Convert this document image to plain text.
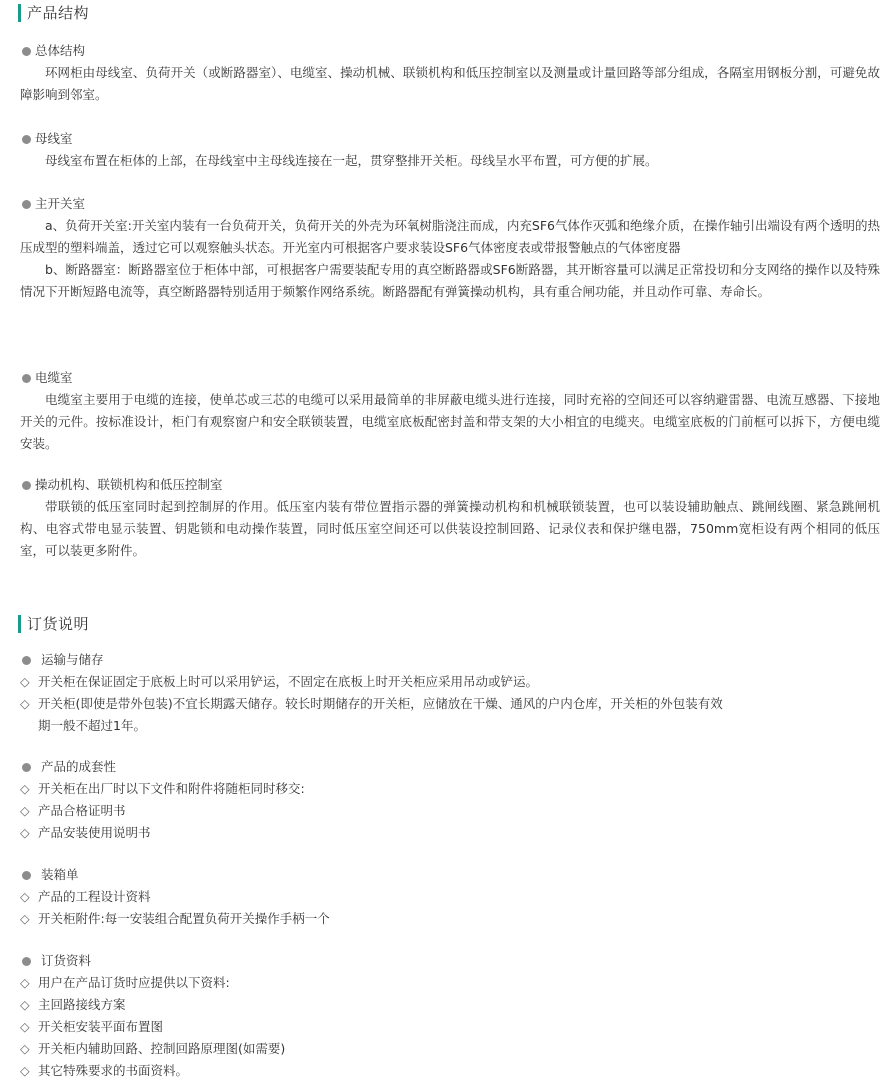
产品结构
总体结构

环网柜由母线室、负荷开关（或断路器室）、电缆室、操动机械、联锁机构和低压控制室以及测量或计量回路等部分组成，各隔室用钢板分割，可避免故障影响到邻室。

母线室

母线室布置在柜体的上部，在母线室中主母线连接在一起，贯穿整排开关柜。母线呈水平布置，可方便的扩展。

主开关室

a、负荷开关室:开关室内装有一台负荷开关，负荷开关的外壳为环氧树脂浇注而成，内充SF6气体作灭弧和绝缘介质，在操作轴引出端设有两个透明的热压成型的塑料端盖，透过它可以观察触头状态。开光室内可根据客户要求装设SF6气体密度表或带报警触点的气体密度器

b、断路器室：断路器室位于柜体中部，可根据客户需要装配专用的真空断路器或SF6断路器，其开断容量可以满足正常投切和分支网络的操作以及特殊情况下开断短路电流等，真空断路器特别适用于频繁作网络系统。断路器配有弹簧操动机构，具有重合闸功能，并且动作可靠、寿命长。

电缆室

电缆室主要用于电缆的连接，使单芯或三芯的电缆可以采用最简单的非屏蔽电缆头进行连接，同时充裕的空间还可以容纳避雷器、电流互感器、下接地开关的元件。按标准设计，柜门有观察窗户和安全联锁装置，电缆室底板配密封盖和带支架的大小相宜的电缆夹。电缆室底板的门前框可以拆下，方便电缆安装。

操动机构、联锁机构和低压控制室

带联锁的低压室同时起到控制屏的作用。低压室内装有带位置指示器的弹簧操动机构和机械联锁装置，也可以装设辅助触点、跳闸线圈、紧急跳闸机构、电容式带电显示装置、钥匙锁和电动操作装置，同时低压室空间还可以供装设控制回路、记录仪表和保护继电器，750mm宽柜设有两个相同的低压室，可以装更多附件。

订货说明
运输与储存
◇ 开关柜在保证固定于底板上时可以采用铲运，不固定在底板上时开关柜应采用吊动或铲运。
◇ 开关柜(即使是带外包装)不宜长期露天储存。较长时期储存的开关柜，应储放在干燥、通风的户内仓库，开关柜的外包装有效
期一般不超过1年。
产品的成套性
◇ 开关柜在出厂时以下文件和附件将随柜同时移交:
◇ 产品合格证明书
◇ 产品安装使用说明书
装箱单
◇ 产品的工程设计资料
◇ 开关柜附件:每一安装组合配置负荷开关操作手柄一个
订货资料
◇ 用户在产品订货时应提供以下资料:
◇ 主回路接线方案
◇ 开关柜安装平面布置图
◇ 开关柜内辅助回路、控制回路原理图(如需要)
◇ 其它特殊要求的书面资料。
